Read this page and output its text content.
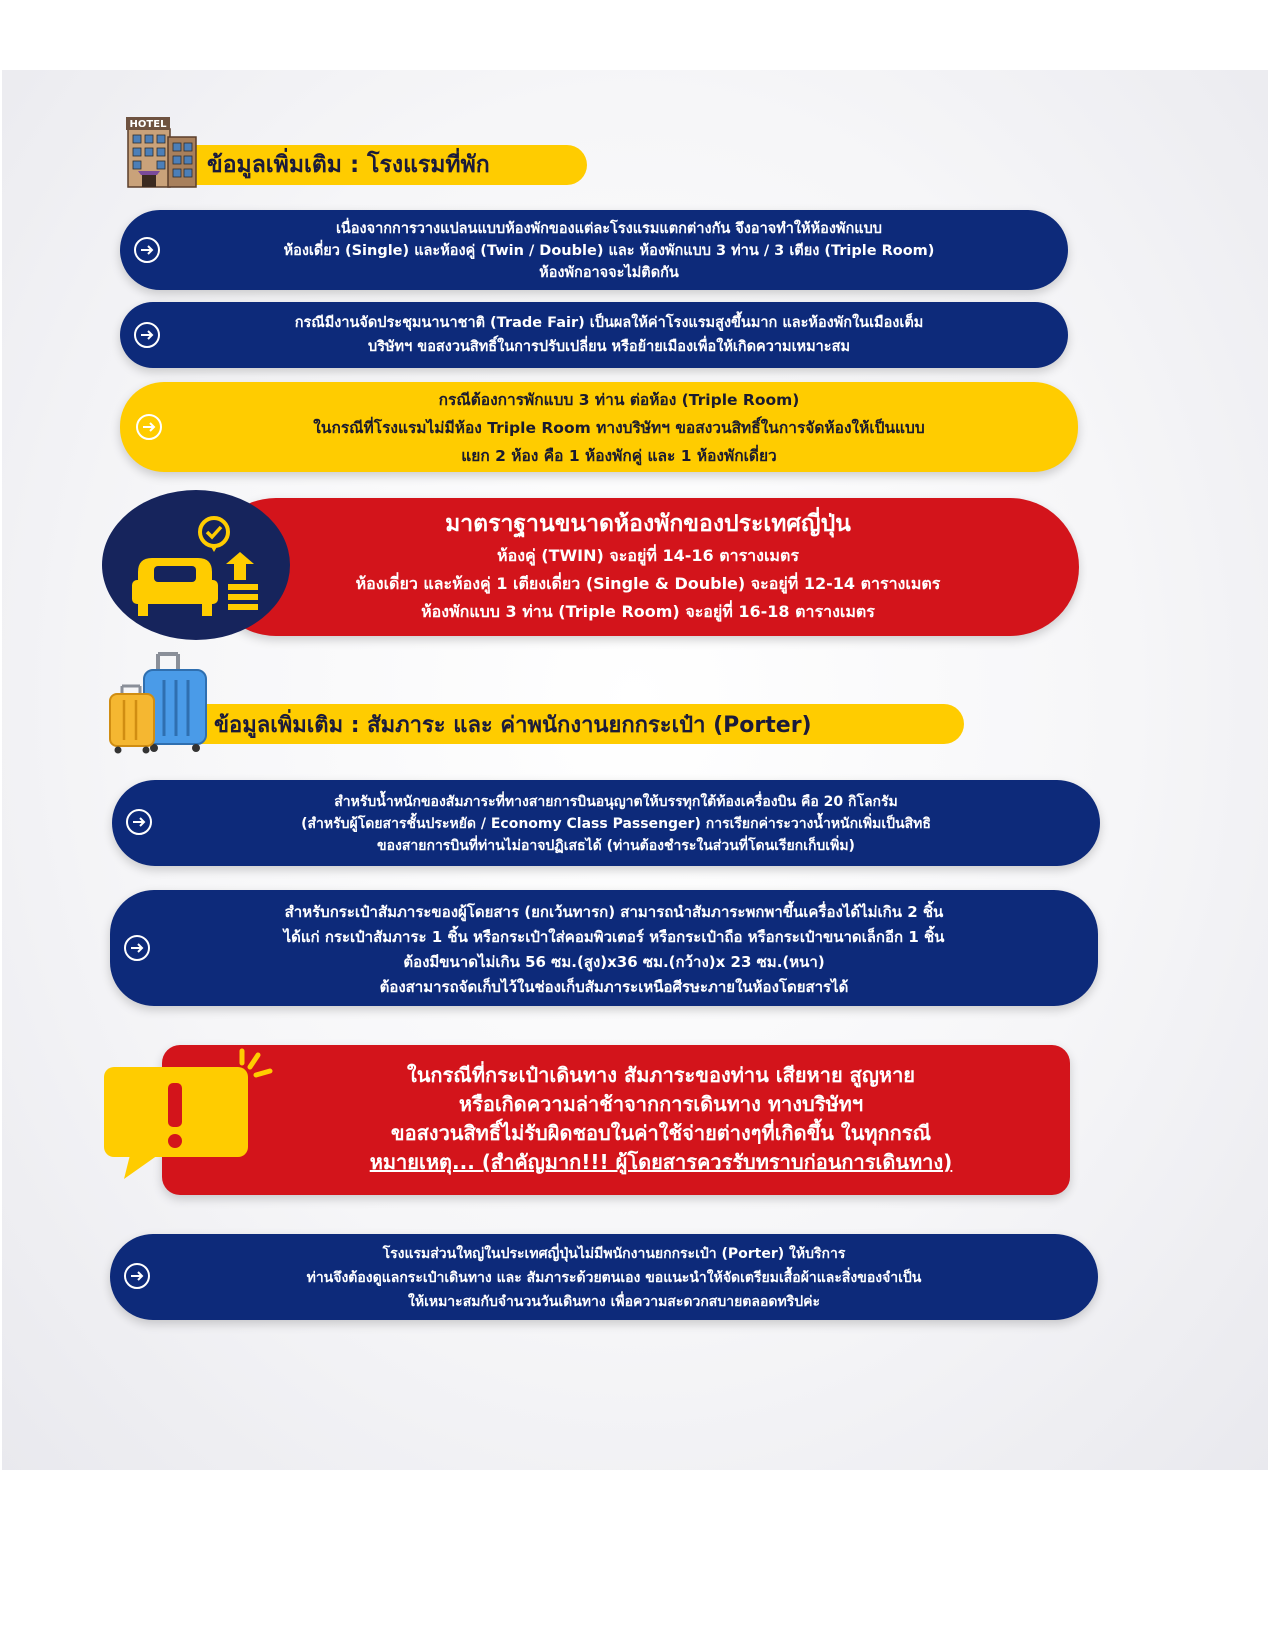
ข้อมูลเพิ่มเติม : โรงแรมที่พัก
HOTEL
เนื่องจากการวางแปลนแบบห้องพักของแต่ละโรงแรมแตกต่างกัน จึงอาจทำให้ห้องพักแบบ
ห้องเดี่ยว (Single) และห้องคู่ (Twin / Double) และ ห้องพักแบบ 3 ท่าน / 3 เตียง (Triple Room)
ห้องพักอาจจะไม่ติดกัน
กรณีมีงานจัดประชุมนานาชาติ (Trade Fair) เป็นผลให้ค่าโรงแรมสูงขึ้นมาก และห้องพักในเมืองเต็ม
บริษัทฯ ขอสงวนสิทธิ์ในการปรับเปลี่ยน หรือย้ายเมืองเพื่อให้เกิดความเหมาะสม
กรณีต้องการพักแบบ 3 ท่าน ต่อห้อง (Triple Room)
ในกรณีที่โรงแรมไม่มีห้อง Triple Room ทางบริษัทฯ ขอสงวนสิทธิ์ในการจัดห้องให้เป็นแบบ
แยก 2 ห้อง คือ 1 ห้องพักคู่ และ 1 ห้องพักเดี่ยว
มาตราฐานขนาดห้องพักของประเทศญี่ปุ่น
ห้องคู่ (TWIN) จะอยู่ที่ 14-16 ตารางเมตร
ห้องเดี่ยว และห้องคู่ 1 เตียงเดี่ยว (Single & Double) จะอยู่ที่ 12-14 ตารางเมตร
ห้องพักแบบ 3 ท่าน (Triple Room) จะอยู่ที่ 16-18 ตารางเมตร
ข้อมูลเพิ่มเติม : สัมภาระ และ ค่าพนักงานยกกระเป๋า (Porter)
สำหรับน้ำหนักของสัมภาระที่ทางสายการบินอนุญาตให้บรรทุกใต้ท้องเครื่องบิน คือ 20 กิโลกรัม
(สำหรับผู้โดยสารชั้นประหยัด / Economy Class Passenger) การเรียกค่าระวางน้ำหนักเพิ่มเป็นสิทธิ
ของสายการบินที่ท่านไม่อาจปฏิเสธได้ (ท่านต้องชำระในส่วนที่โดนเรียกเก็บเพิ่ม)
สำหรับกระเป๋าสัมภาระของผู้โดยสาร (ยกเว้นทารก) สามารถนำสัมภาระพกพาขึ้นเครื่องได้ไม่เกิน 2 ชิ้น
ได้แก่ กระเป๋าสัมภาระ 1 ชิ้น หรือกระเป๋าใส่คอมพิวเตอร์ หรือกระเป๋าถือ หรือกระเป๋าขนาดเล็กอีก 1 ชิ้น
ต้องมีขนาดไม่เกิน 56 ซม.(สูง)x36 ซม.(กว้าง)x 23 ซม.(หนา)
ต้องสามารถจัดเก็บไว้ในช่องเก็บสัมภาระเหนือศีรษะภายในห้องโดยสารได้
ในกรณีที่กระเป๋าเดินทาง สัมภาระของท่าน เสียหาย สูญหาย
หรือเกิดความล่าช้าจากการเดินทาง ทางบริษัทฯ
ขอสงวนสิทธิ์ไม่รับผิดชอบในค่าใช้จ่ายต่างๆที่เกิดขึ้น ในทุกกรณี
หมายเหตุ... (สำคัญมาก!!! ผู้โดยสารควรรับทราบก่อนการเดินทาง)
โรงแรมส่วนใหญ่ในประเทศญี่ปุ่นไม่มีพนักงานยกกระเป๋า (Porter) ให้บริการ
ท่านจึงต้องดูแลกระเป๋าเดินทาง และ สัมภาระด้วยตนเอง ขอแนะนำให้จัดเตรียมเสื้อผ้าและสิ่งของจำเป็น
ให้เหมาะสมกับจำนวนวันเดินทาง เพื่อความสะดวกสบายตลอดทริปค่ะ
